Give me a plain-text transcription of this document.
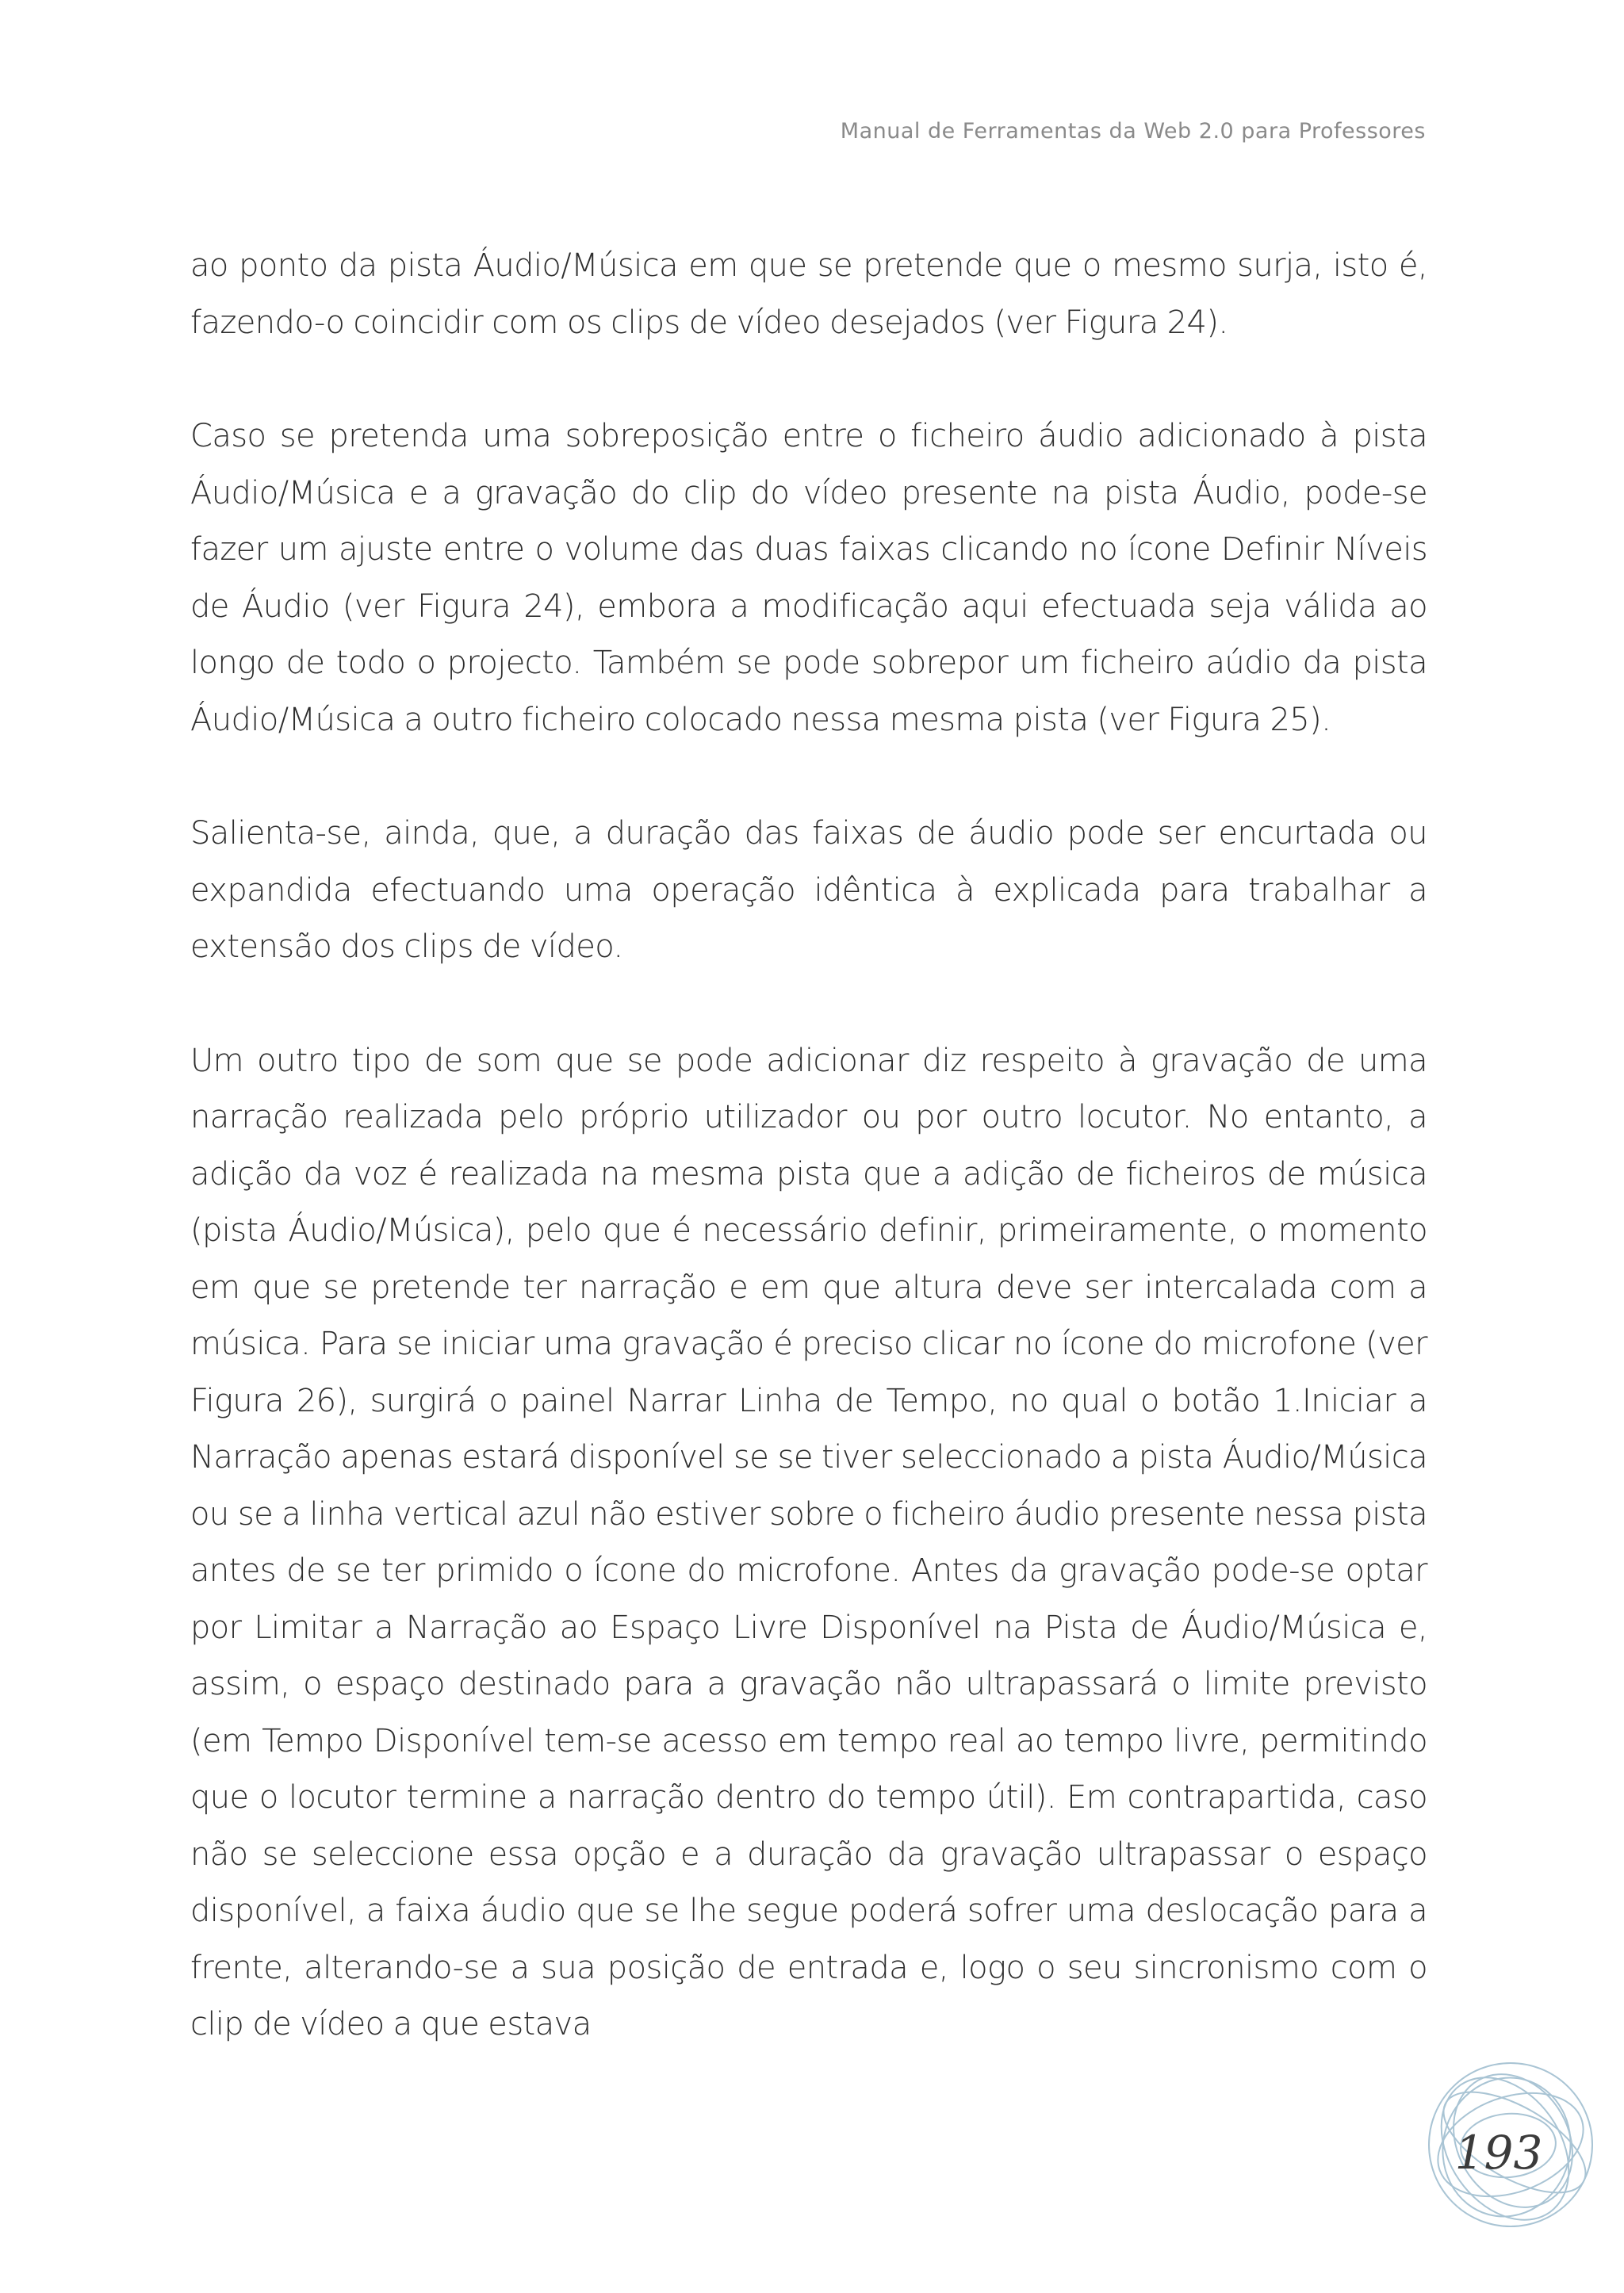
Manual de Ferramentas da Web 2.0 para Professores

ao ponto da pista Áudio/Música em que se pretende que o mesmo surja, isto é, fazendo-o coincidir com os clips de vídeo desejados (ver Figura 24).

Caso se pretenda uma sobreposição entre o ficheiro áudio adicionado à pista Áudio/Música e a gravação do clip do vídeo presente na pista Áudio, pode-se fazer um ajuste entre o volume das duas faixas clicando no ícone Definir Níveis de Áudio (ver Figura 24), embora a modificação aqui efectuada seja válida ao longo de todo o projecto. Também se pode sobrepor um ficheiro aúdio da pista Áudio/Música a outro ficheiro colocado nessa mesma pista (ver Figura 25).

Salienta-se, ainda, que, a duração das faixas de áudio pode ser encurtada ou expandida efectuando uma operação idêntica à explicada para trabalhar a extensão dos clips de vídeo.

Um outro tipo de som que se pode adicionar diz respeito à gravação de uma narração realizada pelo próprio utilizador ou por outro locutor. No entanto, a adição da voz é realizada na mesma pista que a adição de ficheiros de música (pista Áudio/Música), pelo que é necessário definir, primeiramente, o momento em que se pretende ter narração e em que altura deve ser intercalada com a música. Para se iniciar uma gravação é preciso clicar no ícone do microfone (ver Figura 26), surgirá o painel Narrar Linha de Tempo, no qual o botão 1.Iniciar a Narração apenas estará disponível se se tiver seleccionado a pista Áudio/Música ou se a linha vertical azul não estiver sobre o ficheiro áudio presente nessa pista antes de se ter primido o ícone do microfone. Antes da gravação pode-se optar por Limitar a Narração ao Espaço Livre Disponível na Pista de Áudio/Música e, assim, o espaço destinado para a gravação não ultrapassará o limite previsto (em Tempo Disponível tem-se acesso em tempo real ao tempo livre, permitindo que o locutor termine a narração dentro do tempo útil). Em contrapartida, caso não se seleccione essa opção e a duração da gravação ultrapassar o espaço disponível, a faixa áudio que se lhe segue poderá sofrer uma deslocação para a frente, alterando-se a sua posição de entrada e, logo o seu sincronismo com o clip de vídeo a que estava

193
